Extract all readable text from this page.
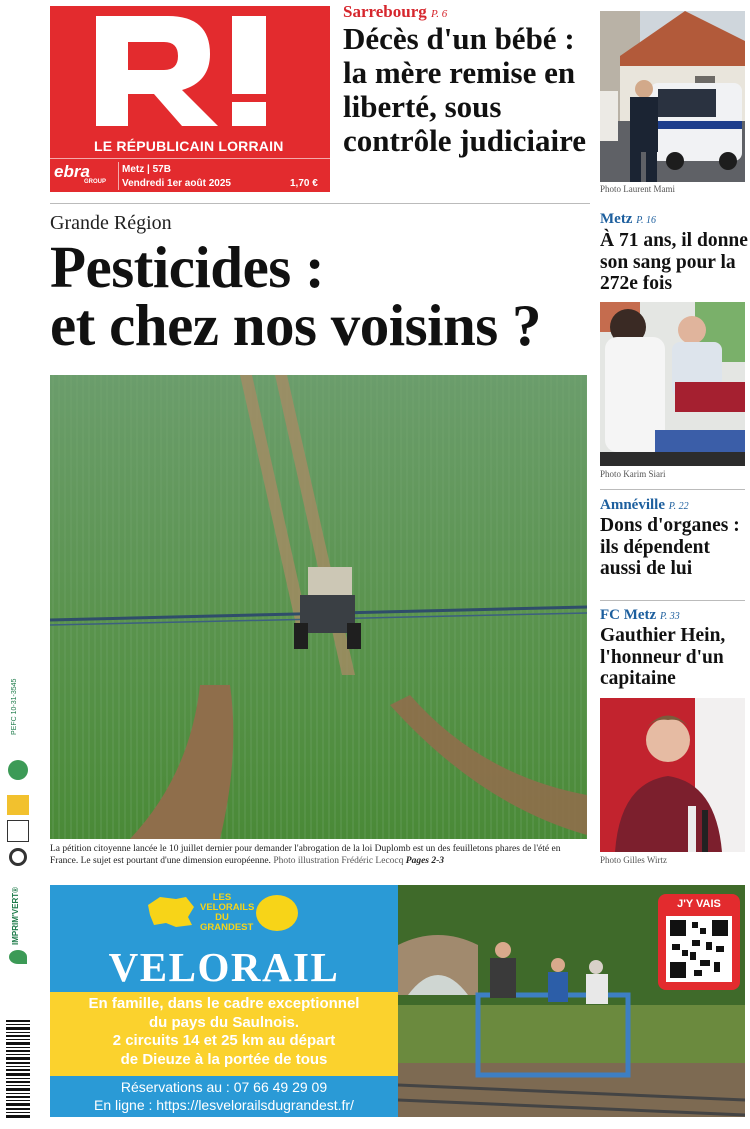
LE RÉPUBLICAIN LORRAIN
ebra
GROUP
Metz | 57B
Vendredi 1er août 2025	1,70 €
Sarrebourg P. 6
Décès d'un bébé : la mère remise en liberté, sous contrôle judiciaire
Photo Laurent Mami
Grande Région
Pesticides :
et chez nos voisins ?
La pétition citoyenne lancée le 10 juillet dernier pour demander l'abrogation de la loi Duplomb est un des feuilletons phares de l'été en France. Le sujet est pourtant d'une dimension européenne. Photo illustration Frédéric Lecocq Pages 2-3
Metz P. 16
À 71 ans, il donne son sang pour la 272e fois
Photo Karim Siari
Amnéville P. 22
Dons d'organes : ils dépendent aussi de lui
FC Metz P. 33
Gauthier Hein, l'honneur d'un capitaine
Photo Gilles Wirtz
PEFC 10-31-3545
IMPRIM'VERT®	LES VELORAILS DU GRANDEST
VELORAIL
En famille, dans le cadre exceptionnel
du pays du Saulnois.
2 circuits 14 et 25 km au départ
de Dieuze à la portée de tous
Réservations au : 07 66 49 29 09
En ligne : https://lesvelorailsdugrandest.fr/
J'Y VAIS
